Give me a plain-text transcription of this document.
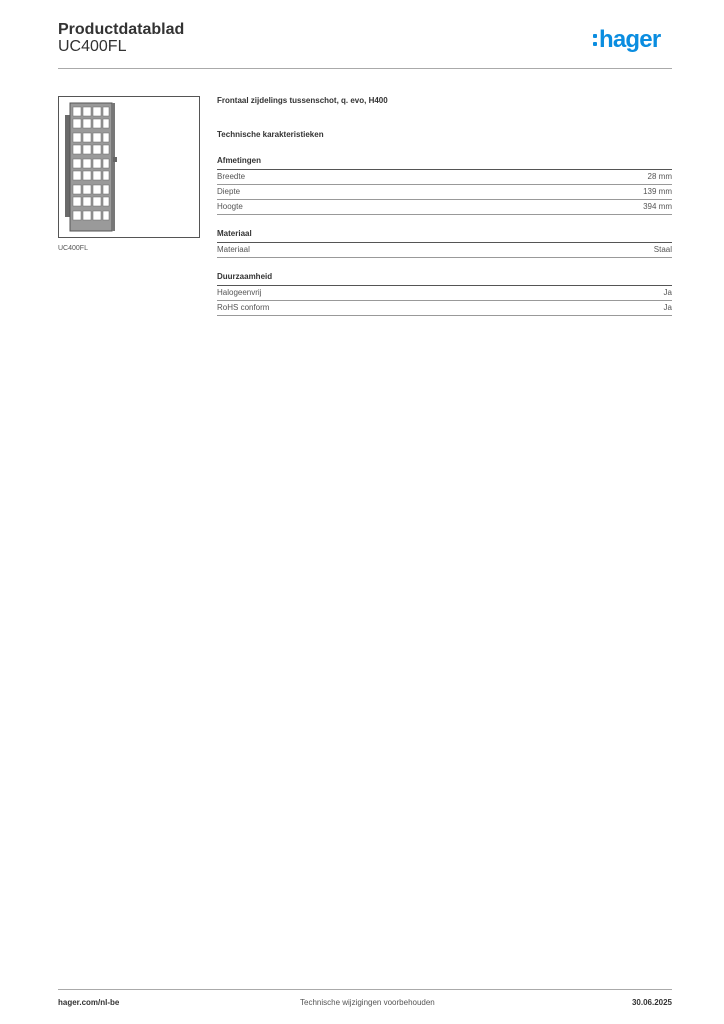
Productdatablad
UC400FL	hager
UC400FL

Frontaal zijdelings tussenschot, q. evo, H400

Technische karakteristieken
Afmetingen
Breedte	28 mm
Diepte	139 mm
Hoogte	394 mm
Materiaal
Materiaal	Staal
Duurzaamheid
Halogeenvrij	Ja
RoHS conform	Ja
hager.com/nl-be	Technische wijzigingen voorbehouden	30.06.2025
